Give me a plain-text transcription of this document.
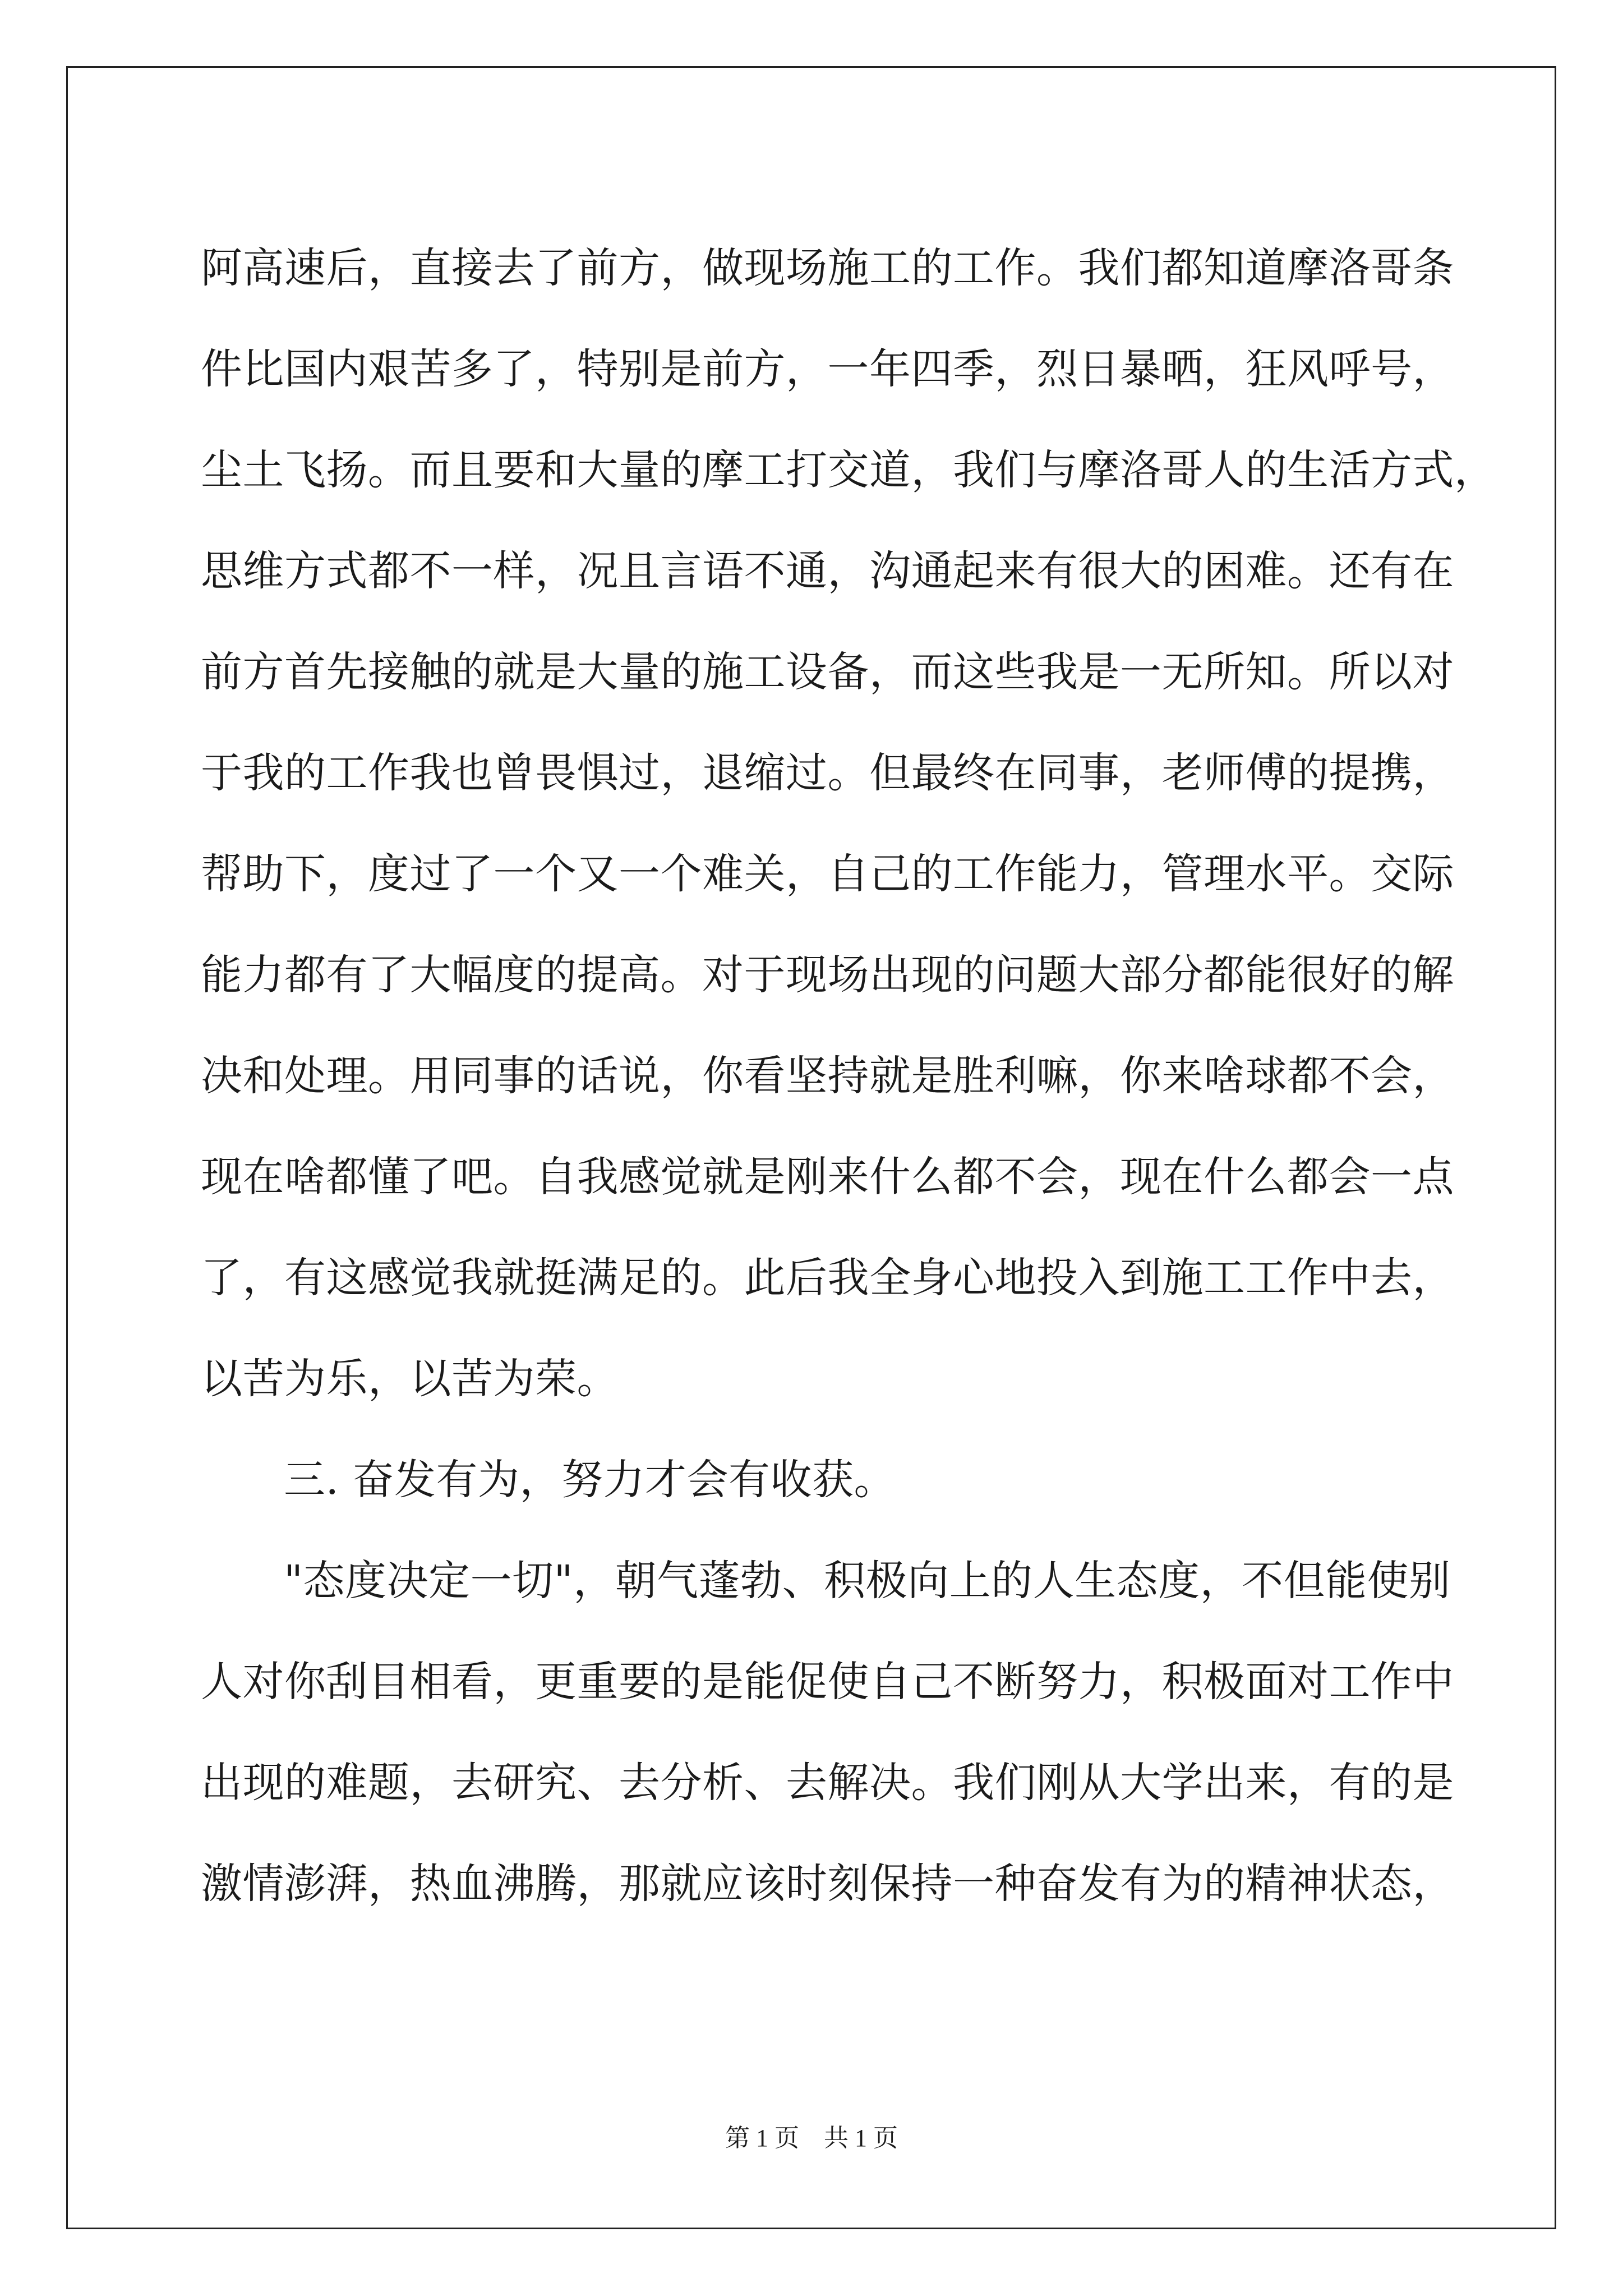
阿高速后，直接去了前方，做现场施工的工作。我们都知道摩洛哥条
件比国内艰苦多了，特别是前方，一年四季，烈日暴晒，狂风呼号，
尘土飞扬。而且要和大量的摩工打交道，我们与摩洛哥人的生活方式，
思维方式都不一样，况且言语不通，沟通起来有很大的困难。还有在
前方首先接触的就是大量的施工设备，而这些我是一无所知。所以对
于我的工作我也曾畏惧过，退缩过。但最终在同事，老师傅的提携，
帮助下，度过了一个又一个难关，自己的工作能力，管理水平。交际
能力都有了大幅度的提高。对于现场出现的问题大部分都能很好的解
决和处理。用同事的话说，你看坚持就是胜利嘛，你来啥球都不会，
现在啥都懂了吧。自我感觉就是刚来什么都不会，现在什么都会一点
了，有这感觉我就挺满足的。此后我全身心地投入到施工工作中去，
以苦为乐，以苦为荣。
三. 奋发有为，努力才会有收获。
"态度决定一切"，朝气蓬勃、积极向上的人生态度，不但能使别
人对你刮目相看，更重要的是能促使自己不断努力，积极面对工作中
出现的难题，去研究、去分析、去解决。我们刚从大学出来，有的是
激情澎湃，热血沸腾，那就应该时刻保持一种奋发有为的精神状态，
第 1 页　共 1 页
